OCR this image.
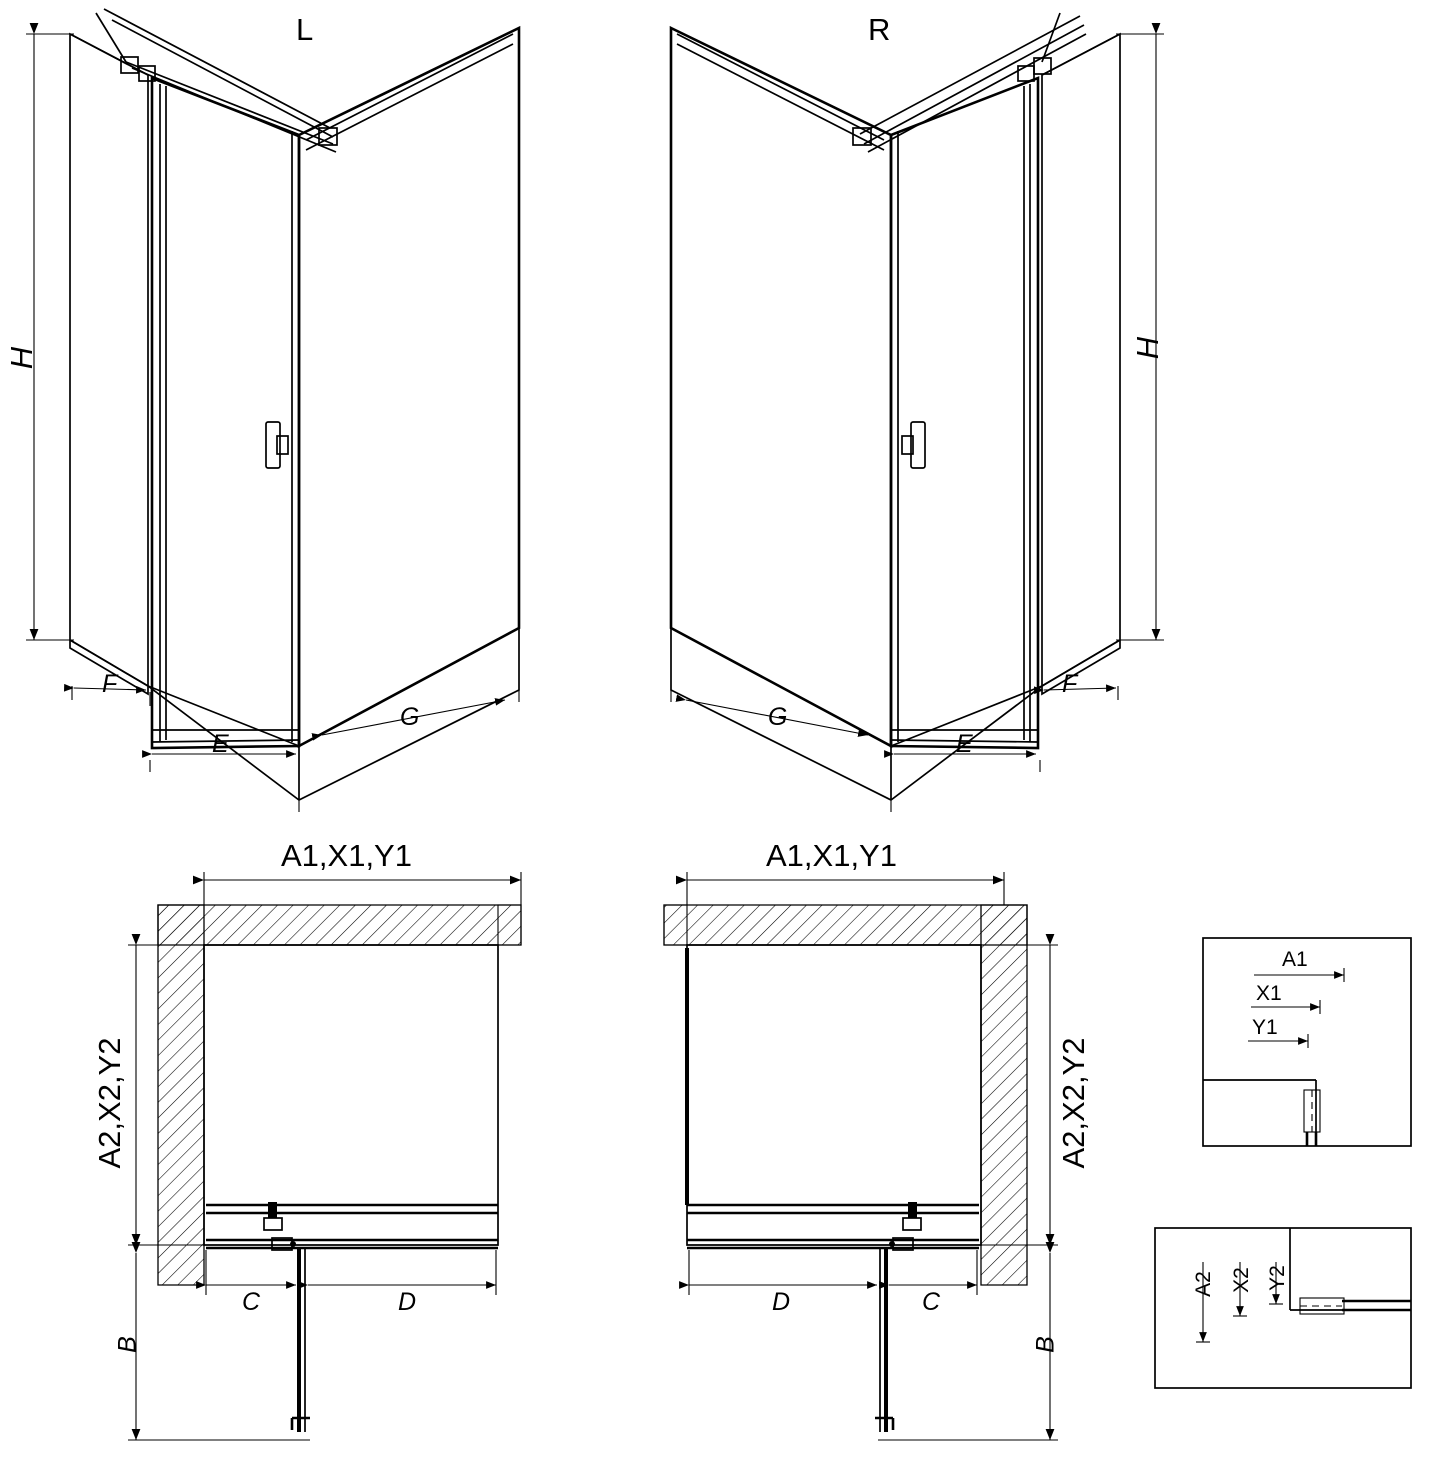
L	R
H	H
F
E
G	G
E
F
A1,X1,Y1	A1,X1,Y1
A2,X2,Y2	A2,X2,Y2
B	B
C	D	D	C
A1
X1
Y1
A2 X2 Y2
